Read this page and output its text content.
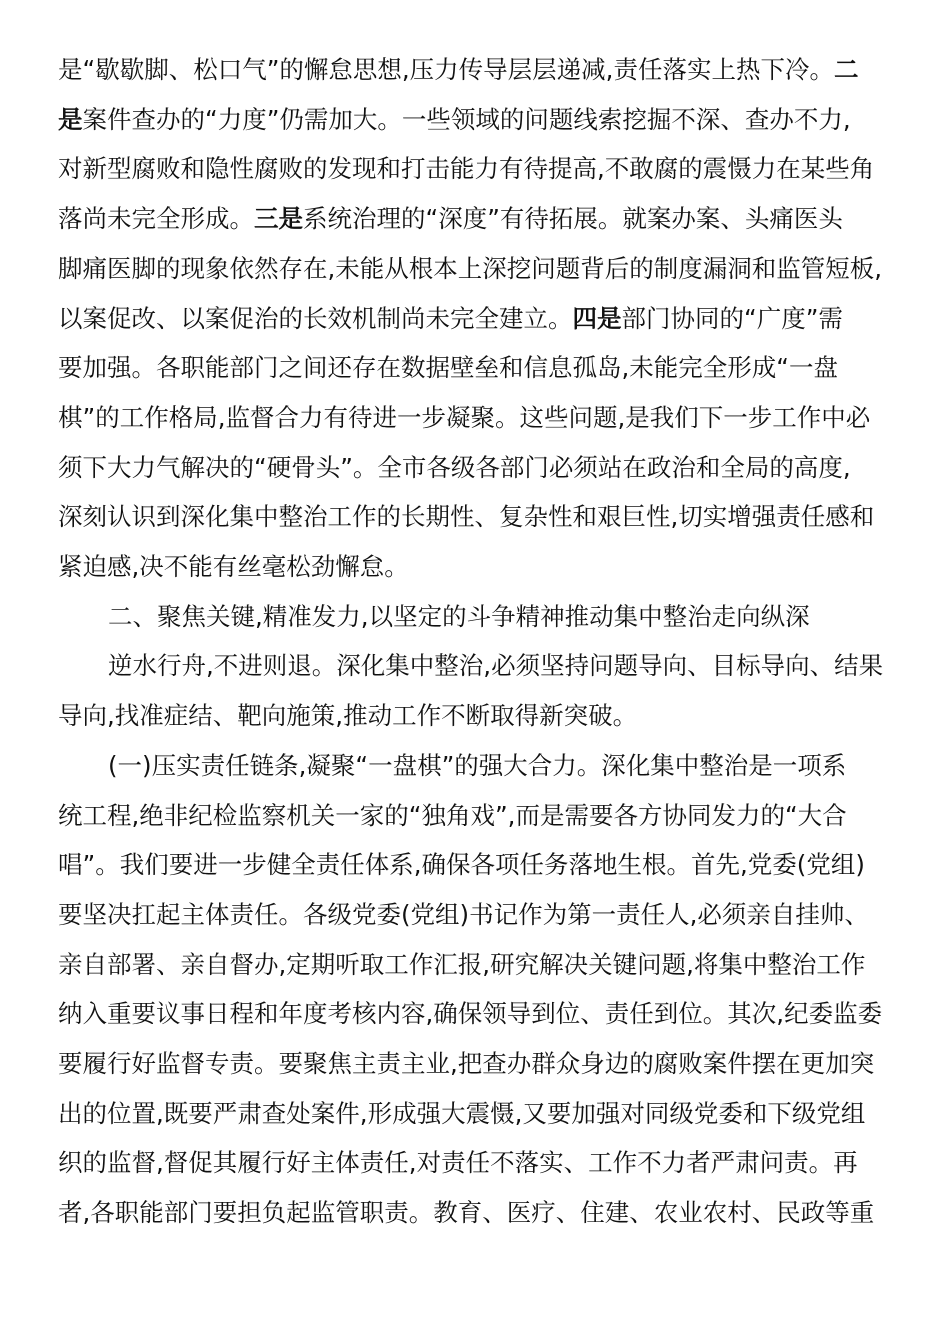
是“歇歇脚、松口气”的懈怠思想,压力传导层层递减,责任落实上热下冷。二
是案件查办的“力度”仍需加大。一些领域的问题线索挖掘不深、查办不力,
对新型腐败和隐性腐败的发现和打击能力有待提高,不敢腐的震慑力在某些角
落尚未完全形成。三是系统治理的“深度”有待拓展。就案办案、头痛医头
脚痛医脚的现象依然存在,未能从根本上深挖问题背后的制度漏洞和监管短板,
以案促改、以案促治的长效机制尚未完全建立。四是部门协同的“广度”需
要加强。各职能部门之间还存在数据壁垒和信息孤岛,未能完全形成“一盘
棋”的工作格局,监督合力有待进一步凝聚。这些问题,是我们下一步工作中必
须下大力气解决的“硬骨头”。全市各级各部门必须站在政治和全局的高度,
深刻认识到深化集中整治工作的长期性、复杂性和艰巨性,切实增强责任感和
紧迫感,决不能有丝毫松劲懈怠。
二、聚焦关键,精准发力,以坚定的斗争精神推动集中整治走向纵深
逆水行舟,不进则退。深化集中整治,必须坚持问题导向、目标导向、结果
导向,找准症结、靶向施策,推动工作不断取得新突破。
(一)压实责任链条,凝聚“一盘棋”的强大合力。深化集中整治是一项系
统工程,绝非纪检监察机关一家的“独角戏”,而是需要各方协同发力的“大合
唱”。我们要进一步健全责任体系,确保各项任务落地生根。首先,党委(党组)
要坚决扛起主体责任。各级党委(党组)书记作为第一责任人,必须亲自挂帅、
亲自部署、亲自督办,定期听取工作汇报,研究解决关键问题,将集中整治工作
纳入重要议事日程和年度考核内容,确保领导到位、责任到位。其次,纪委监委
要履行好监督专责。要聚焦主责主业,把查办群众身边的腐败案件摆在更加突
出的位置,既要严肃查处案件,形成强大震慑,又要加强对同级党委和下级党组
织的监督,督促其履行好主体责任,对责任不落实、工作不力者严肃问责。再
者,各职能部门要担负起监管职责。教育、医疗、住建、农业农村、民政等重
